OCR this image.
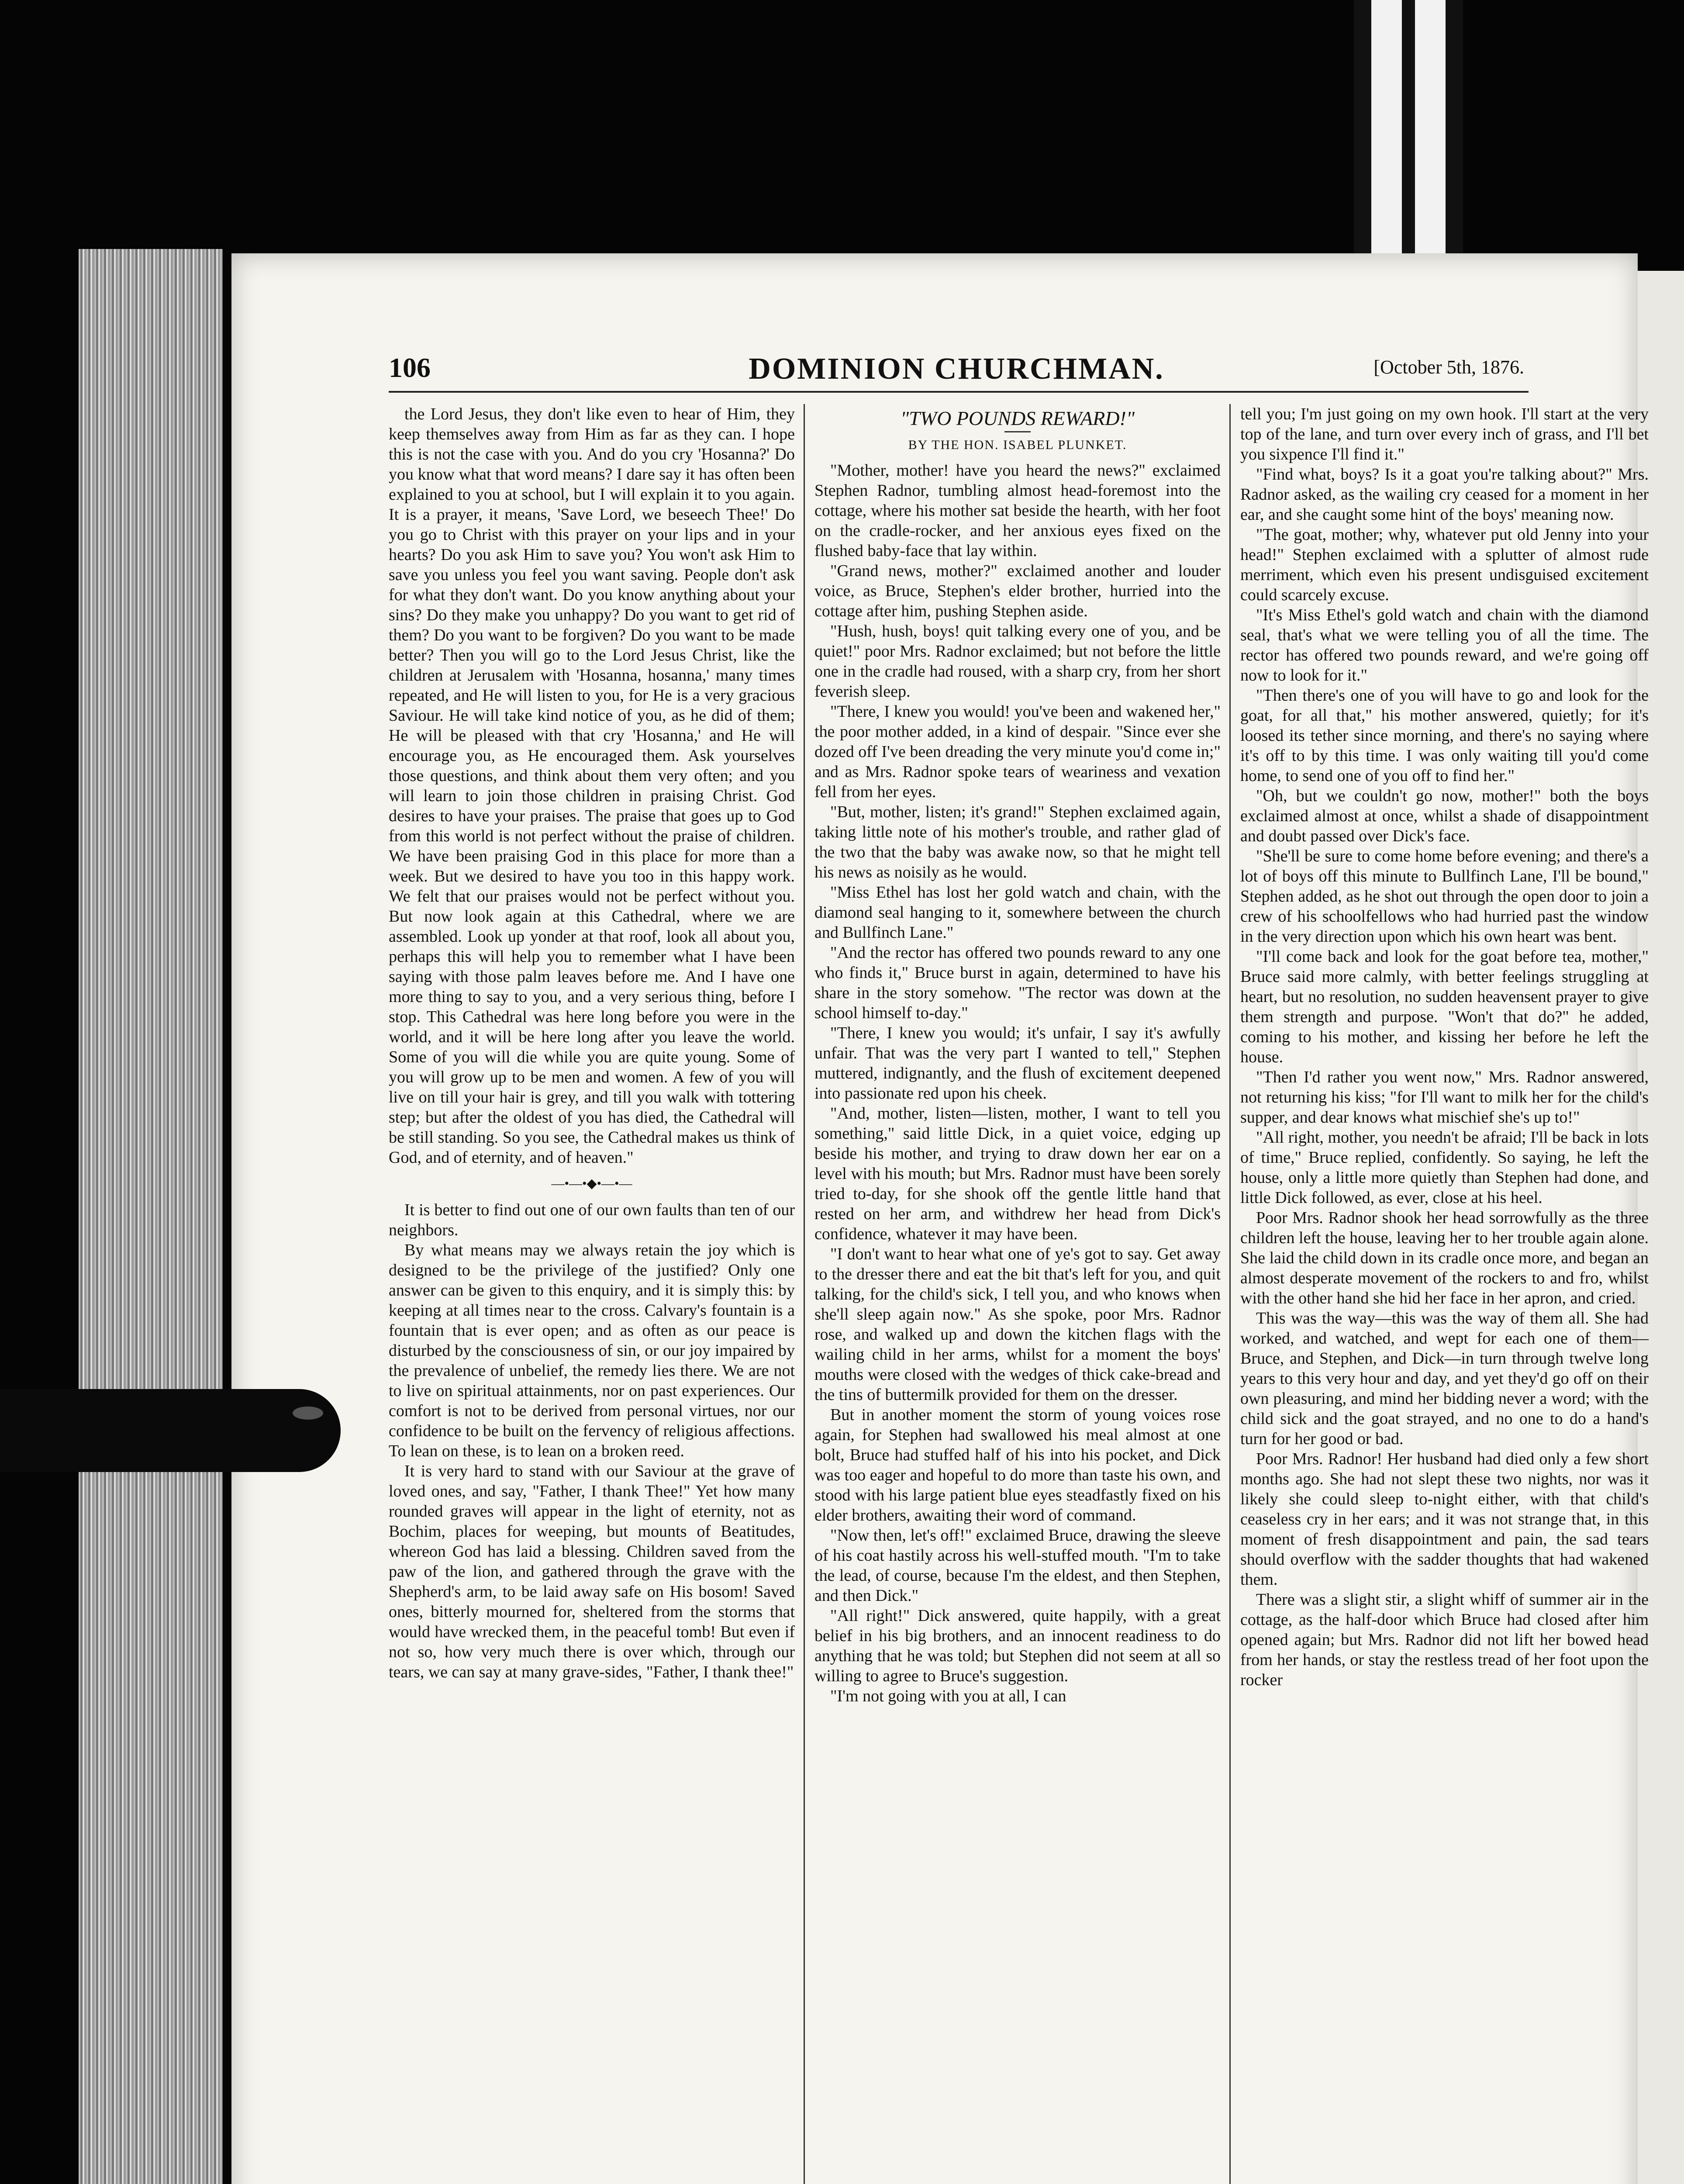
106	DOMINION CHURCHMAN.	[October 5th, 1876.

the Lord Jesus, they don't like even to hear of Him, they keep themselves away from Him as far as they can. I hope this is not the case with you. And do you cry 'Hosanna?' Do you know what that word means? I dare say it has often been explained to you at school, but I will explain it to you again. It is a prayer, it means, 'Save Lord, we beseech Thee!' Do you go to Christ with this prayer on your lips and in your hearts? Do you ask Him to save you? You won't ask Him to save you unless you feel you want saving. People don't ask for what they don't want. Do you know anything about your sins? Do they make you unhappy? Do you want to get rid of them? Do you want to be forgiven? Do you want to be made better? Then you will go to the Lord Jesus Christ, like the children at Jerusalem with 'Hosanna, hosanna,' many times repeated, and He will listen to you, for He is a very gracious Saviour. He will take kind notice of you, as he did of them; He will be pleased with that cry 'Hosanna,' and He will encourage you, as He encouraged them. Ask yourselves those questions, and think about them very often; and you will learn to join those children in praising Christ. God desires to have your praises. The praise that goes up to God from this world is not perfect without the praise of children. We have been praising God in this place for more than a week. But we desired to have you too in this happy work. We felt that our praises would not be perfect without you. But now look again at this Cathedral, where we are assembled. Look up yonder at that roof, look all about you, perhaps this will help you to remember what I have been saying with those palm leaves before me. And I have one more thing to say to you, and a very serious thing, before I stop. This Cathedral was here long before you were in the world, and it will be here long after you leave the world. Some of you will die while you are quite young. Some of you will grow up to be men and women. A few of you will live on till your hair is grey, and till you walk with tottering step; but after the oldest of you has died, the Cathedral will be still standing. So you see, the Cathedral makes us think of God, and of eternity, and of heaven."

—•—•◆•—•—

It is better to find out one of our own faults than ten of our neighbors.

By what means may we always retain the joy which is designed to be the privilege of the justified? Only one answer can be given to this enquiry, and it is simply this: by keeping at all times near to the cross. Calvary's fountain is a fountain that is ever open; and as often as our peace is disturbed by the consciousness of sin, or our joy impaired by the prevalence of unbelief, the remedy lies there. We are not to live on spiritual attainments, nor on past experiences. Our comfort is not to be derived from personal virtues, nor our confidence to be built on the fervency of religious affections. To lean on these, is to lean on a broken reed.

It is very hard to stand with our Saviour at the grave of loved ones, and say, "Father, I thank Thee!" Yet how many rounded graves will appear in the light of eternity, not as Bochim, places for weeping, but mounts of Beatitudes, whereon God has laid a blessing. Children saved from the paw of the lion, and gathered through the grave with the Shepherd's arm, to be laid away safe on His bosom! Saved ones, bitterly mourned for, sheltered from the storms that would have wrecked them, in the peaceful tomb! But even if not so, how very much there is over which, through our tears, we can say at many grave-sides, "Father, I thank thee!"

"TWO POUNDS REWARD!"
BY THE HON. ISABEL PLUNKET.

"Mother, mother! have you heard the news?" exclaimed Stephen Radnor, tumbling almost head-foremost into the cottage, where his mother sat beside the hearth, with her foot on the cradle-rocker, and her anxious eyes fixed on the flushed baby-face that lay within.

"Grand news, mother?" exclaimed another and louder voice, as Bruce, Stephen's elder brother, hurried into the cottage after him, pushing Stephen aside.

"Hush, hush, boys! quit talking every one of you, and be quiet!" poor Mrs. Radnor exclaimed; but not before the little one in the cradle had roused, with a sharp cry, from her short feverish sleep.

"There, I knew you would! you've been and wakened her," the poor mother added, in a kind of despair. "Since ever she dozed off I've been dreading the very minute you'd come in;" and as Mrs. Radnor spoke tears of weariness and vexation fell from her eyes.

"But, mother, listen; it's grand!" Stephen exclaimed again, taking little note of his mother's trouble, and rather glad of the two that the baby was awake now, so that he might tell his news as noisily as he would.

"Miss Ethel has lost her gold watch and chain, with the diamond seal hanging to it, somewhere between the church and Bullfinch Lane."

"And the rector has offered two pounds reward to any one who finds it," Bruce burst in again, determined to have his share in the story somehow. "The rector was down at the school himself to-day."

"There, I knew you would; it's unfair, I say it's awfully unfair. That was the very part I wanted to tell," Stephen muttered, indignantly, and the flush of excitement deepened into passionate red upon his cheek.

"And, mother, listen—listen, mother, I want to tell you something," said little Dick, in a quiet voice, edging up beside his mother, and trying to draw down her ear on a level with his mouth; but Mrs. Radnor must have been sorely tried to-day, for she shook off the gentle little hand that rested on her arm, and withdrew her head from Dick's confidence, whatever it may have been.

"I don't want to hear what one of ye's got to say. Get away to the dresser there and eat the bit that's left for you, and quit talking, for the child's sick, I tell you, and who knows when she'll sleep again now." As she spoke, poor Mrs. Radnor rose, and walked up and down the kitchen flags with the wailing child in her arms, whilst for a moment the boys' mouths were closed with the wedges of thick cake-bread and the tins of buttermilk provided for them on the dresser.

But in another moment the storm of young voices rose again, for Stephen had swallowed his meal almost at one bolt, Bruce had stuffed half of his into his pocket, and Dick was too eager and hopeful to do more than taste his own, and stood with his large patient blue eyes steadfastly fixed on his elder brothers, awaiting their word of command.

"Now then, let's off!" exclaimed Bruce, drawing the sleeve of his coat hastily across his well-stuffed mouth. "I'm to take the lead, of course, because I'm the eldest, and then Stephen, and then Dick."

"All right!" Dick answered, quite happily, with a great belief in his big brothers, and an innocent readiness to do anything that he was told; but Stephen did not seem at all so willing to agree to Bruce's suggestion.

"I'm not going with you at all, I can

tell you; I'm just going on my own hook. I'll start at the very top of the lane, and turn over every inch of grass, and I'll bet you sixpence I'll find it."

"Find what, boys? Is it a goat you're talking about?" Mrs. Radnor asked, as the wailing cry ceased for a moment in her ear, and she caught some hint of the boys' meaning now.

"The goat, mother; why, whatever put old Jenny into your head!" Stephen exclaimed with a splutter of almost rude merriment, which even his present undisguised excitement could scarcely excuse.

"It's Miss Ethel's gold watch and chain with the diamond seal, that's what we were telling you of all the time. The rector has offered two pounds reward, and we're going off now to look for it."

"Then there's one of you will have to go and look for the goat, for all that," his mother answered, quietly; for it's loosed its tether since morning, and there's no saying where it's off to by this time. I was only waiting till you'd come home, to send one of you off to find her."

"Oh, but we couldn't go now, mother!" both the boys exclaimed almost at once, whilst a shade of disappointment and doubt passed over Dick's face.

"She'll be sure to come home before evening; and there's a lot of boys off this minute to Bullfinch Lane, I'll be bound," Stephen added, as he shot out through the open door to join a crew of his schoolfellows who had hurried past the window in the very direction upon which his own heart was bent.

"I'll come back and look for the goat before tea, mother," Bruce said more calmly, with better feelings struggling at heart, but no resolution, no sudden heavensent prayer to give them strength and purpose. "Won't that do?" he added, coming to his mother, and kissing her before he left the house.

"Then I'd rather you went now," Mrs. Radnor answered, not returning his kiss; "for I'll want to milk her for the child's supper, and dear knows what mischief she's up to!"

"All right, mother, you needn't be afraid; I'll be back in lots of time," Bruce replied, confidently. So saying, he left the house, only a little more quietly than Stephen had done, and little Dick followed, as ever, close at his heel.

Poor Mrs. Radnor shook her head sorrowfully as the three children left the house, leaving her to her trouble again alone. She laid the child down in its cradle once more, and began an almost desperate movement of the rockers to and fro, whilst with the other hand she hid her face in her apron, and cried.

This was the way—this was the way of them all. She had worked, and watched, and wept for each one of them—Bruce, and Stephen, and Dick—in turn through twelve long years to this very hour and day, and yet they'd go off on their own pleasuring, and mind her bidding never a word; with the child sick and the goat strayed, and no one to do a hand's turn for her good or bad.

Poor Mrs. Radnor! Her husband had died only a few short months ago. She had not slept these two nights, nor was it likely she could sleep to-night either, with that child's ceaseless cry in her ears; and it was not strange that, in this moment of fresh disappointment and pain, the sad tears should overflow with the sadder thoughts that had wakened them.

There was a slight stir, a slight whiff of summer air in the cottage, as the half-door which Bruce had closed after him opened again; but Mrs. Radnor did not lift her bowed head from her hands, or stay the restless tread of her foot upon the rocker
